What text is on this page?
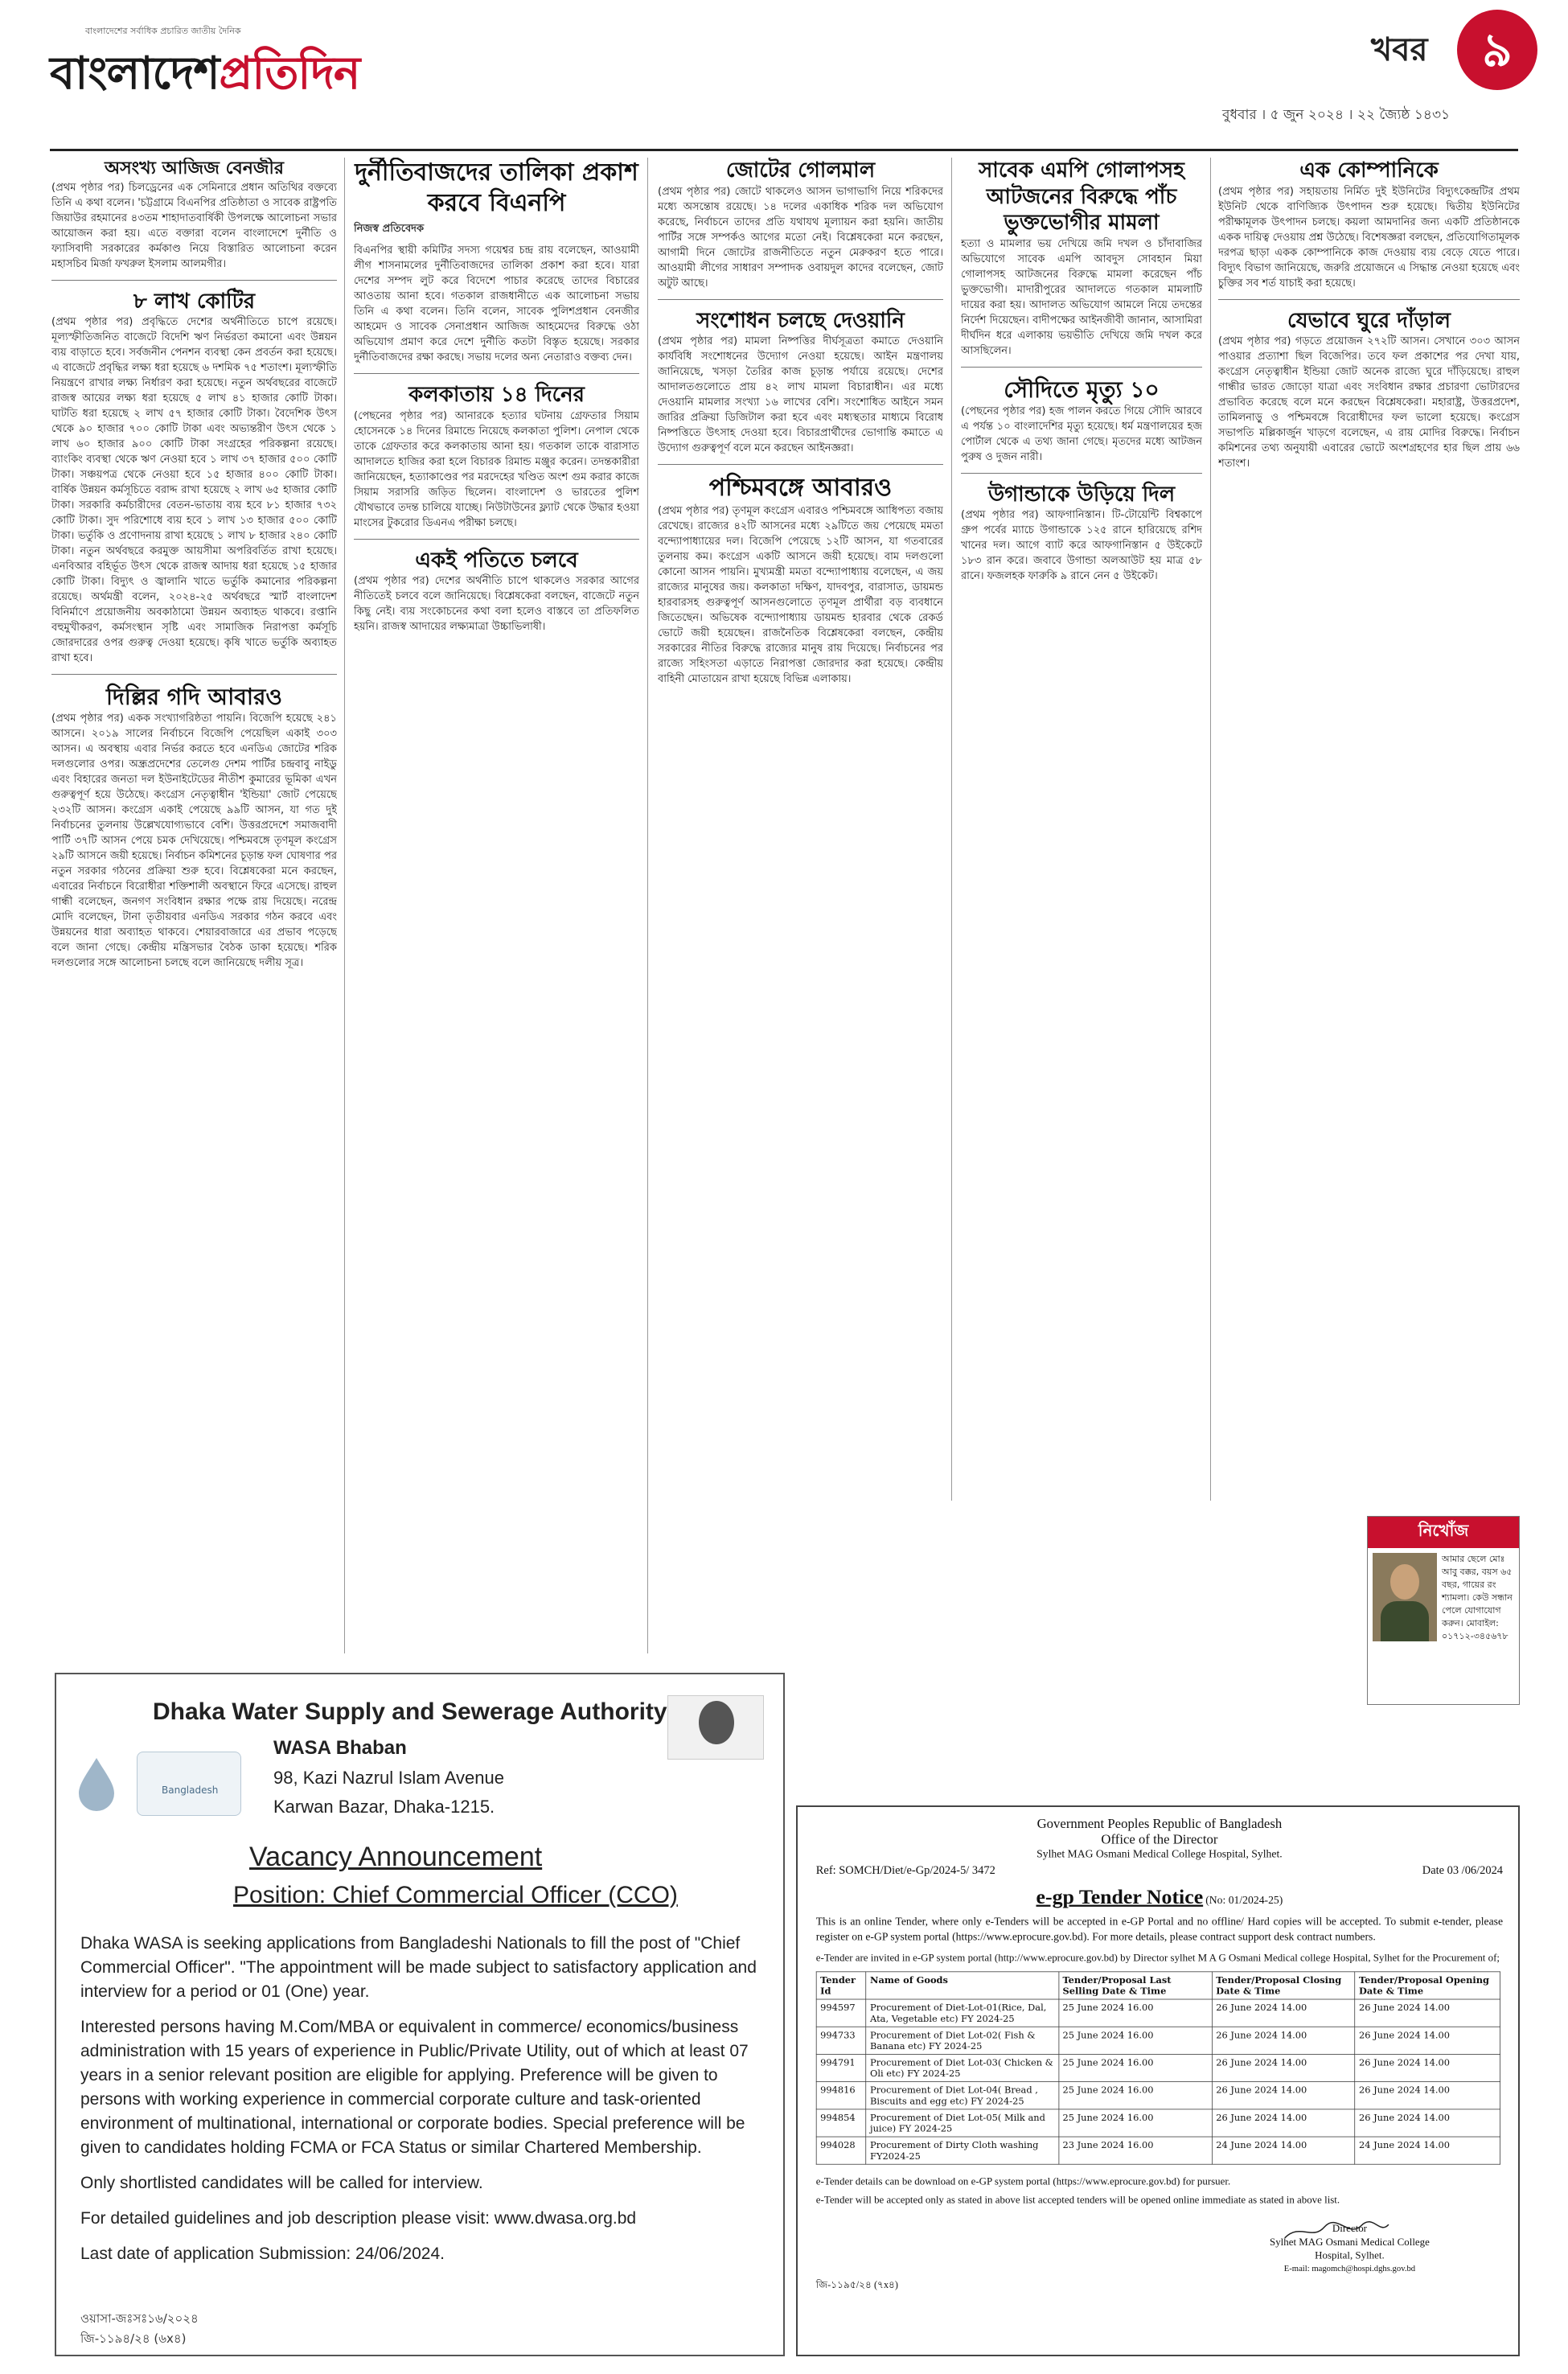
বাংলাদেশের সর্বাধিক প্রচারিত জাতীয় দৈনিক
বাংলাদেশপ্রতিদিন	খবর	৯
বুধবার । ৫ জুন ২০২৪ । ২২ জ্যৈষ্ঠ ১৪৩১
অসংখ্য আজিজ বেনজীর
(প্রথম পৃষ্ঠার পর) চিলড্রেনের এক সেমিনারে প্রধান অতিথির বক্তব্যে তিনি এ কথা বলেন। 'চট্টগ্রামে বিএনপির প্রতিষ্ঠাতা ও সাবেক রাষ্ট্রপতি জিয়াউর রহমানের ৪৩তম শাহাদাতবার্ষিকী উপলক্ষে আলোচনা সভার আয়োজন করা হয়। এতে বক্তারা বলেন বাংলাদেশে দুর্নীতি ও ফ্যাসিবাদী সরকারের কর্মকাণ্ড নিয়ে বিস্তারিত আলোচনা করেন মহাসচিব মির্জা ফখরুল ইসলাম আলমগীর।
৮ লাখ কোটির
(প্রথম পৃষ্ঠার পর) প্রবৃদ্ধিতে দেশের অর্থনীতিতে চাপে রয়েছে। মূল্যস্ফীতিজনিত বাজেটে বিদেশি ঋণ নির্ভরতা কমানো এবং উন্নয়ন ব্যয় বাড়াতে হবে। সর্বজনীন পেনশন ব্যবস্থা কেন প্রবর্তন করা হয়েছে। এ বাজেটে প্রবৃদ্ধির লক্ষ্য ধরা হয়েছে ৬ দশমিক ৭৫ শতাংশ। মূল্যস্ফীতি নিয়ন্ত্রণে রাখার লক্ষ্য নির্ধারণ করা হয়েছে। নতুন অর্থবছরের বাজেটে রাজস্ব আয়ের লক্ষ্য ধরা হয়েছে ৫ লাখ ৪১ হাজার কোটি টাকা। ঘাটতি ধরা হয়েছে ২ লাখ ৫৭ হাজার কোটি টাকা। বৈদেশিক উৎস থেকে ৯০ হাজার ৭০০ কোটি টাকা এবং অভ্যন্তরীণ উৎস থেকে ১ লাখ ৬০ হাজার ৯০০ কোটি টাকা সংগ্রহের পরিকল্পনা রয়েছে। ব্যাংকিং ব্যবস্থা থেকে ঋণ নেওয়া হবে ১ লাখ ৩৭ হাজার ৫০০ কোটি টাকা। সঞ্চয়পত্র থেকে নেওয়া হবে ১৫ হাজার ৪০০ কোটি টাকা। বার্ষিক উন্নয়ন কর্মসূচিতে বরাদ্দ রাখা হয়েছে ২ লাখ ৬৫ হাজার কোটি টাকা। সরকারি কর্মচারীদের বেতন-ভাতায় ব্যয় হবে ৮১ হাজার ৭৩২ কোটি টাকা। সুদ পরিশোধে ব্যয় হবে ১ লাখ ১৩ হাজার ৫০০ কোটি টাকা। ভর্তুকি ও প্রণোদনায় রাখা হয়েছে ১ লাখ ৮ হাজার ২৪০ কোটি টাকা। নতুন অর্থবছরে করমুক্ত আয়সীমা অপরিবর্তিত রাখা হয়েছে। এনবিআর বহির্ভূত উৎস থেকে রাজস্ব আদায় ধরা হয়েছে ১৫ হাজার কোটি টাকা। বিদ্যুৎ ও জ্বালানি খাতে ভর্তুকি কমানোর পরিকল্পনা রয়েছে। অর্থমন্ত্রী বলেন, ২০২৪-২৫ অর্থবছরে স্মার্ট বাংলাদেশ বিনির্মাণে প্রয়োজনীয় অবকাঠামো উন্নয়ন অব্যাহত থাকবে। রপ্তানি বহুমুখীকরণ, কর্মসংস্থান সৃষ্টি এবং সামাজিক নিরাপত্তা কর্মসূচি জোরদারের ওপর গুরুত্ব দেওয়া হয়েছে। কৃষি খাতে ভর্তুকি অব্যাহত রাখা হবে।
দিল্লির গদি আবারও
(প্রথম পৃষ্ঠার পর) একক সংখ্যাগরিষ্ঠতা পায়নি। বিজেপি হয়েছে ২৪১ আসনে। ২০১৯ সালের নির্বাচনে বিজেপি পেয়েছিল একাই ৩০৩ আসন। এ অবস্থায় এবার নির্ভর করতে হবে এনডিএ জোটের শরিক দলগুলোর ওপর। অন্ধ্রপ্রদেশের তেলেগু দেশম পার্টির চন্দ্রবাবু নাইডু এবং বিহারের জনতা দল ইউনাইটেডের নীতীশ কুমারের ভূমিকা এখন গুরুত্বপূর্ণ হয়ে উঠেছে। কংগ্রেস নেতৃত্বাধীন 'ইন্ডিয়া' জোট পেয়েছে ২৩২টি আসন। কংগ্রেস একাই পেয়েছে ৯৯টি আসন, যা গত দুই নির্বাচনের তুলনায় উল্লেখযোগ্যভাবে বেশি। উত্তরপ্রদেশে সমাজবাদী পার্টি ৩৭টি আসন পেয়ে চমক দেখিয়েছে। পশ্চিমবঙ্গে তৃণমূল কংগ্রেস ২৯টি আসনে জয়ী হয়েছে। নির্বাচন কমিশনের চূড়ান্ত ফল ঘোষণার পর নতুন সরকার গঠনের প্রক্রিয়া শুরু হবে। বিশ্লেষকেরা মনে করছেন, এবারের নির্বাচনে বিরোধীরা শক্তিশালী অবস্থানে ফিরে এসেছে। রাহুল গান্ধী বলেছেন, জনগণ সংবিধান রক্ষার পক্ষে রায় দিয়েছে। নরেন্দ্র মোদি বলেছেন, টানা তৃতীয়বার এনডিএ সরকার গঠন করবে এবং উন্নয়নের ধারা অব্যাহত থাকবে। শেয়ারবাজারে এর প্রভাব পড়েছে বলে জানা গেছে। কেন্দ্রীয় মন্ত্রিসভার বৈঠক ডাকা হয়েছে। শরিক দলগুলোর সঙ্গে আলোচনা চলছে বলে জানিয়েছে দলীয় সূত্র।
দুর্নীতিবাজদের তালিকা প্রকাশ করবে বিএনপি
নিজস্ব প্রতিবেদক
বিএনপির স্থায়ী কমিটির সদস্য গয়েশ্বর চন্দ্র রায় বলেছেন, আওয়ামী লীগ শাসনামলের দুর্নীতিবাজদের তালিকা প্রকাশ করা হবে। যারা দেশের সম্পদ লুট করে বিদেশে পাচার করেছে তাদের বিচারের আওতায় আনা হবে। গতকাল রাজধানীতে এক আলোচনা সভায় তিনি এ কথা বলেন। তিনি বলেন, সাবেক পুলিশপ্রধান বেনজীর আহমেদ ও সাবেক সেনাপ্রধান আজিজ আহমেদের বিরুদ্ধে ওঠা অভিযোগ প্রমাণ করে দেশে দুর্নীতি কতটা বিস্তৃত হয়েছে। সরকার দুর্নীতিবাজদের রক্ষা করছে। সভায় দলের অন্য নেতারাও বক্তব্য দেন।
কলকাতায় ১৪ দিনের
(পেছনের পৃষ্ঠার পর) আনারকে হত্যার ঘটনায় গ্রেফতার সিয়াম হোসেনকে ১৪ দিনের রিমান্ডে নিয়েছে কলকাতা পুলিশ। নেপাল থেকে তাকে গ্রেফতার করে কলকাতায় আনা হয়। গতকাল তাকে বারাসাত আদালতে হাজির করা হলে বিচারক রিমান্ড মঞ্জুর করেন। তদন্তকারীরা জানিয়েছেন, হত্যাকাণ্ডের পর মরদেহের খণ্ডিত অংশ গুম করার কাজে সিয়াম সরাসরি জড়িত ছিলেন। বাংলাদেশ ও ভারতের পুলিশ যৌথভাবে তদন্ত চালিয়ে যাচ্ছে। নিউটাউনের ফ্ল্যাট থেকে উদ্ধার হওয়া মাংসের টুকরোর ডিএনএ পরীক্ষা চলছে।
একই পতিতে চলবে
(প্রথম পৃষ্ঠার পর) দেশের অর্থনীতি চাপে থাকলেও সরকার আগের নীতিতেই চলবে বলে জানিয়েছে। বিশ্লেষকেরা বলছেন, বাজেটে নতুন কিছু নেই। ব্যয় সংকোচনের কথা বলা হলেও বাস্তবে তা প্রতিফলিত হয়নি। রাজস্ব আদায়ের লক্ষ্যমাত্রা উচ্চাভিলাষী।
জোটের গোলমাল
(প্রথম পৃষ্ঠার পর) জোটে থাকলেও আসন ভাগাভাগি নিয়ে শরিকদের মধ্যে অসন্তোষ রয়েছে। ১৪ দলের একাধিক শরিক দল অভিযোগ করেছে, নির্বাচনে তাদের প্রতি যথাযথ মূল্যায়ন করা হয়নি। জাতীয় পার্টির সঙ্গে সম্পর্কও আগের মতো নেই। বিশ্লেষকেরা মনে করছেন, আগামী দিনে জোটের রাজনীতিতে নতুন মেরুকরণ হতে পারে। আওয়ামী লীগের সাধারণ সম্পাদক ওবায়দুল কাদের বলেছেন, জোট অটুট আছে।
সংশোধন চলছে দেওয়ানি
(প্রথম পৃষ্ঠার পর) মামলা নিষ্পত্তির দীর্ঘসূত্রতা কমাতে দেওয়ানি কার্যবিধি সংশোধনের উদ্যোগ নেওয়া হয়েছে। আইন মন্ত্রণালয় জানিয়েছে, খসড়া তৈরির কাজ চূড়ান্ত পর্যায়ে রয়েছে। দেশের আদালতগুলোতে প্রায় ৪২ লাখ মামলা বিচারাধীন। এর মধ্যে দেওয়ানি মামলার সংখ্যা ১৬ লাখের বেশি। সংশোধিত আইনে সমন জারির প্রক্রিয়া ডিজিটাল করা হবে এবং মধ্যস্থতার মাধ্যমে বিরোধ নিষ্পত্তিতে উৎসাহ দেওয়া হবে। বিচারপ্রার্থীদের ভোগান্তি কমাতে এ উদ্যোগ গুরুত্বপূর্ণ বলে মনে করছেন আইনজ্ঞরা।
পশ্চিমবঙ্গে আবারও
(প্রথম পৃষ্ঠার পর) তৃণমূল কংগ্রেস এবারও পশ্চিমবঙ্গে আধিপত্য বজায় রেখেছে। রাজ্যের ৪২টি আসনের মধ্যে ২৯টিতে জয় পেয়েছে মমতা বন্দ্যোপাধ্যায়ের দল। বিজেপি পেয়েছে ১২টি আসন, যা গতবারের তুলনায় কম। কংগ্রেস একটি আসনে জয়ী হয়েছে। বাম দলগুলো কোনো আসন পায়নি। মুখ্যমন্ত্রী মমতা বন্দ্যোপাধ্যায় বলেছেন, এ জয় রাজ্যের মানুষের জয়। কলকাতা দক্ষিণ, যাদবপুর, বারাসাত, ডায়মন্ড হারবারসহ গুরুত্বপূর্ণ আসনগুলোতে তৃণমূল প্রার্থীরা বড় ব্যবধানে জিতেছেন। অভিষেক বন্দ্যোপাধ্যায় ডায়মন্ড হারবার থেকে রেকর্ড ভোটে জয়ী হয়েছেন। রাজনৈতিক বিশ্লেষকেরা বলছেন, কেন্দ্রীয় সরকারের নীতির বিরুদ্ধে রাজ্যের মানুষ রায় দিয়েছে। নির্বাচনের পর রাজ্যে সহিংসতা এড়াতে নিরাপত্তা জোরদার করা হয়েছে। কেন্দ্রীয় বাহিনী মোতায়েন রাখা হয়েছে বিভিন্ন এলাকায়।
সাবেক এমপি গোলাপসহ আটজনের বিরুদ্ধে পাঁচ ভুক্তভোগীর মামলা
হত্যা ও মামলার ভয় দেখিয়ে জমি দখল ও চাঁদাবাজির অভিযোগে সাবেক এমপি আবদুস সোবহান মিয়া গোলাপসহ আটজনের বিরুদ্ধে মামলা করেছেন পাঁচ ভুক্তভোগী। মাদারীপুরের আদালতে গতকাল মামলাটি দায়ের করা হয়। আদালত অভিযোগ আমলে নিয়ে তদন্তের নির্দেশ দিয়েছেন। বাদীপক্ষের আইনজীবী জানান, আসামিরা দীর্ঘদিন ধরে এলাকায় ভয়ভীতি দেখিয়ে জমি দখল করে আসছিলেন।
সৌদিতে মৃত্যু ১০
(পেছনের পৃষ্ঠার পর) হজ পালন করতে গিয়ে সৌদি আরবে এ পর্যন্ত ১০ বাংলাদেশির মৃত্যু হয়েছে। ধর্ম মন্ত্রণালয়ের হজ পোর্টাল থেকে এ তথ্য জানা গেছে। মৃতদের মধ্যে আটজন পুরুষ ও দুজন নারী।
উগান্ডাকে উড়িয়ে দিল
(প্রথম পৃষ্ঠার পর) আফগানিস্তান। টি-টোয়েন্টি বিশ্বকাপে গ্রুপ পর্বের ম্যাচে উগান্ডাকে ১২৫ রানে হারিয়েছে রশিদ খানের দল। আগে ব্যাট করে আফগানিস্তান ৫ উইকেটে ১৮৩ রান করে। জবাবে উগান্ডা অলআউট হয় মাত্র ৫৮ রানে। ফজলহক ফারুকি ৯ রানে নেন ৫ উইকেট।
এক কোম্পানিকে
(প্রথম পৃষ্ঠার পর) সহায়তায় নির্মিত দুই ইউনিটের বিদ্যুৎকেন্দ্রটির প্রথম ইউনিট থেকে বাণিজ্যিক উৎপাদন শুরু হয়েছে। দ্বিতীয় ইউনিটের পরীক্ষামূলক উৎপাদন চলছে। কয়লা আমদানির জন্য একটি প্রতিষ্ঠানকে একক দায়িত্ব দেওয়ায় প্রশ্ন উঠেছে। বিশেষজ্ঞরা বলছেন, প্রতিযোগিতামূলক দরপত্র ছাড়া একক কোম্পানিকে কাজ দেওয়ায় ব্যয় বেড়ে যেতে পারে। বিদ্যুৎ বিভাগ জানিয়েছে, জরুরি প্রয়োজনে এ সিদ্ধান্ত নেওয়া হয়েছে এবং চুক্তির সব শর্ত যাচাই করা হয়েছে।
যেভাবে ঘুরে দাঁড়াল
(প্রথম পৃষ্ঠার পর) গড়তে প্রয়োজন ২৭২টি আসন। সেখানে ৩০৩ আসন পাওয়ার প্রত্যাশা ছিল বিজেপির। তবে ফল প্রকাশের পর দেখা যায়, কংগ্রেস নেতৃত্বাধীন ইন্ডিয়া জোট অনেক রাজ্যে ঘুরে দাঁড়িয়েছে। রাহুল গান্ধীর ভারত জোড়ো যাত্রা এবং সংবিধান রক্ষার প্রচারণা ভোটারদের প্রভাবিত করেছে বলে মনে করছেন বিশ্লেষকেরা। মহারাষ্ট্র, উত্তরপ্রদেশ, তামিলনাড়ু ও পশ্চিমবঙ্গে বিরোধীদের ফল ভালো হয়েছে। কংগ্রেস সভাপতি মল্লিকার্জুন খাড়গে বলেছেন, এ রায় মোদির বিরুদ্ধে। নির্বাচন কমিশনের তথ্য অনুযায়ী এবারের ভোটে অংশগ্রহণের হার ছিল প্রায় ৬৬ শতাংশ।
নিখোঁজ
আমার ছেলে মোঃ আবু বক্কর, বয়স ৬৫ বছর, গায়ের রং শ্যামলা। কেউ সন্ধান পেলে যোগাযোগ করুন। মোবাইল: ০১৭১২-৩৪৫৬৭৮
Dhaka Water Supply and Sewerage Authority
WASA Bhaban
98, Kazi Nazrul Islam Avenue
Karwan Bazar, Dhaka-1215.
Bangladesh
Vacancy Announcement
Position: Chief Commercial Officer (CCO)
Dhaka WASA is seeking applications from Bangladeshi Nationals to fill the post of "Chief Commercial Officer". "The appointment will be made subject to satisfactory application and interview for a period or 01 (One) year.
Interested persons having M.Com/MBA or equivalent in commerce/ economics/business administration with 15 years of experience in Public/Private Utility, out of which at least 07 years in a senior relevant position are eligible for applying. Preference will be given to persons with working experience in commercial corporate culture and task-oriented environment of multinational, international or corporate bodies. Special preference will be given to candidates holding FCMA or FCA Status or similar Chartered Membership.
Only shortlisted candidates will be called for interview.
For detailed guidelines and job description please visit: www.dwasa.org.bd
Last date of application Submission: 24/06/2024.
ওয়াসা-জঃসঃ১৬/২০২৪
জি-১১৯৪/২৪ (৬x৪)
Government Peoples Republic of Bangladesh
Office of the Director
Sylhet MAG Osmani Medical College Hospital, Sylhet.
Ref: SOMCH/Diet/e-Gp/2024-5/ 3472	Date 03 /06/2024
e-gp Tender Notice (No: 01/2024-25)
This is an online Tender, where only e-Tenders will be accepted in e-GP Portal and no offline/ Hard copies will be accepted. To submit e-tender, please register on e-GP system portal (https://www.eprocure.gov.bd). For more details, please contract support desk contract numbers.
e-Tender are invited in e-GP system portal (http://www.eprocure.gov.bd) by Director sylhet M A G Osmani Medical college Hospital, Sylhet for the Procurement of;
Tender Id	Name of Goods	Tender/Proposal Last Selling Date & Time	Tender/Proposal Closing Date & Time	Tender/Proposal Opening Date & Time
994597	Procurement of Diet-Lot-01(Rice, Dal, Ata, Vegetable etc) FY 2024-25	25 June 2024 16.00	26 June 2024 14.00	26 June 2024 14.00
994733	Procurement of Diet Lot-02( Fish & Banana etc) FY 2024-25	25 June 2024 16.00	26 June 2024 14.00	26 June 2024 14.00
994791	Procurement of Diet Lot-03( Chicken & Oli etc) FY 2024-25	25 June 2024 16.00	26 June 2024 14.00	26 June 2024 14.00
994816	Procurement of Diet Lot-04( Bread , Biscuits and egg etc) FY 2024-25	25 June 2024 16.00	26 June 2024 14.00	26 June 2024 14.00
994854	Procurement of Diet Lot-05( Milk and juice) FY 2024-25	25 June 2024 16.00	26 June 2024 14.00	26 June 2024 14.00
994028	Procurement of Dirty Cloth washing FY2024-25	23 June 2024 16.00	24 June 2024 14.00	24 June 2024 14.00
e-Tender details can be download on e-GP system portal (https://www.eprocure.gov.bd) for pursuer.
e-Tender will be accepted only as stated in above list accepted tenders will be opened online immediate as stated in above list.
Director
Sylhet MAG Osmani Medical College
Hospital, Sylhet.
E-mail: magomch@hospi.dghs.gov.bd
জি-১১৯৫/২৪ (৭x৪)
